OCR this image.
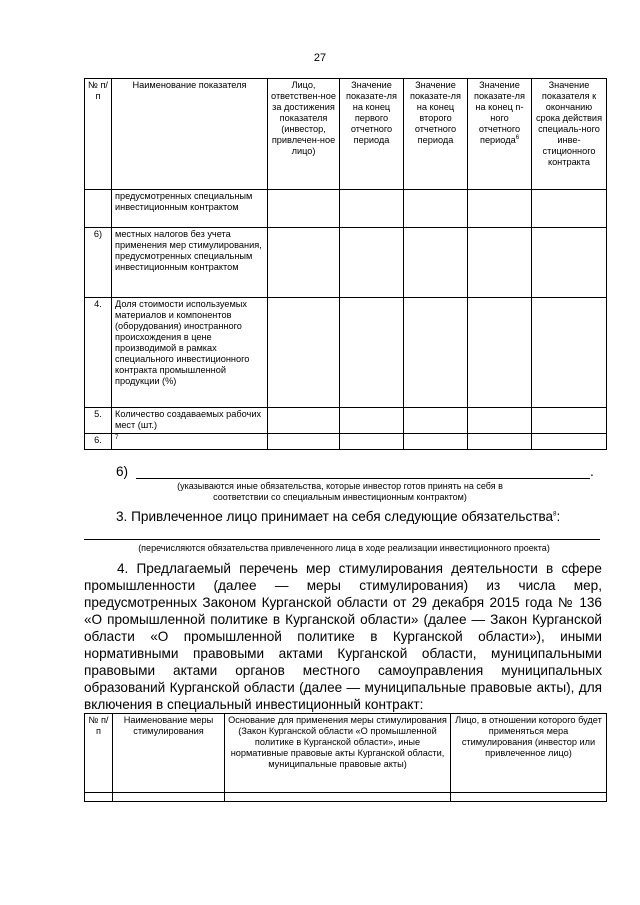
27
№ п/п	Наименование показателя	Лицо, ответствен-ное за достижения показателя (инвестор, привлечен-ное лицо)	Значение показате-ля на конец первого отчетного периода	Значение показате-ля на конец второго отчетного периода	Значение показате-ля на конец n-ного отчетного периода$^6$	Значение показателя к окончанию срока действия специаль-ного инве-стиционного контракта
	предусмотренных специальным инвестиционным контрактом					
6)	местных налогов без учета применения мер стимулирования, предусмотренных специальным инвестиционным контрактом					
4.	Доля стоимости используемых материалов и компонентов (оборудования) иностранного происхождения в цене производимой в рамках специального инвестиционного контракта промышленной продукции (%)					
5.	Количество создаваемых рабочих мест (шт.)					
6.	$^7$					
6)	.
(указываются иные обязательства, которые инвестор готов принять на себя в соответствии со специальным инвестиционным контрактом)
3. Привлеченное лицо принимает на себя следующие обязательства$^8$:
(перечисляются обязательства привлеченного лица в ходе реализации инвестиционного проекта)
4. Предлагаемый перечень мер стимулирования деятельности в сфере
промышленности (далее — меры стимулирования) из числа мер,
предусмотренных Законом Курганской области от 29 декабря 2015 года № 136
«О промышленной политике в Курганской области» (далее — Закон Курганской
области «О промышленной политике в Курганской области»), иными
нормативными правовыми актами Курганской области, муниципальными
правовыми актами органов местного самоуправления муниципальных
образований Курганской области (далее — муниципальные правовые акты), для
включения в специальный инвестиционный контракт:
№ п/п	Наименование меры стимулирования	Основание для применения меры стимулирования (Закон Курганской области «О промышленной политике в Курганской области», иные нормативные правовые акты Курганской области, муниципальные правовые акты)	Лицо, в отношении которого будет применяться мера стимулирования (инвестор или привлеченное лицо)
